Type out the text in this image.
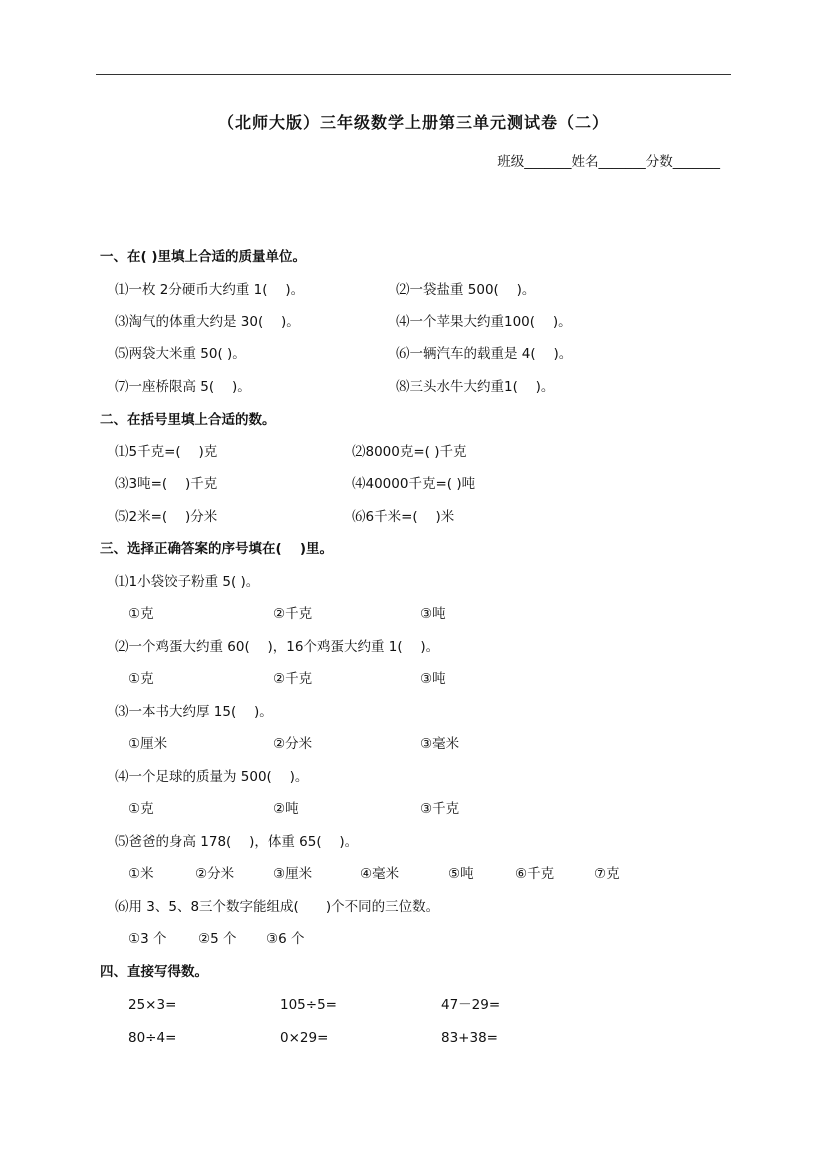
（北师大版）三年级数学上册第三单元测试卷（二）
班级_______姓名_______分数_______
一、在( )里填上合适的质量单位。
⑴一枚 2分硬币大约重 1(　 )。	⑵一袋盐重 500(　 )。
⑶淘气的体重大约是 30(　 )。	⑷一个苹果大约重100(　 )。
⑸两袋大米重 50( )。	⑹一辆汽车的载重是 4(　 )。
⑺一座桥限高 5(　 )。	⑻三头水牛大约重1(　 )。
二、在括号里填上合适的数。
⑴5千克=(　 )克	⑵8000克=( )千克
⑶3吨=(　 )千克	⑷40000千克=( )吨
⑸2米=(　 )分米	⑹6千米=(　 )米
三、选择正确答案的序号填在(　 )里。
⑴1小袋饺子粉重 5( )。
①克	②千克	③吨
⑵一个鸡蛋大约重 60(　 )，16个鸡蛋大约重 1(　 )。
①克	②千克	③吨
⑶一本书大约厚 15(　 )。
①厘米	②分米	③毫米
⑷一个足球的质量为 500(　 )。
①克	②吨	③千克
⑸爸爸的身高 178(　 )，体重 65(　 )。
①米	②分米	③厘米	④毫米	⑤吨	⑥千克	⑦克
⑹用 3、5、8三个数字能组成(　　)个不同的三位数。
①3 个 ②5 个 ③6 个
四、直接写得数。
25×3=	105÷5=	47－29=
80÷4=	0×29=	83+38=
